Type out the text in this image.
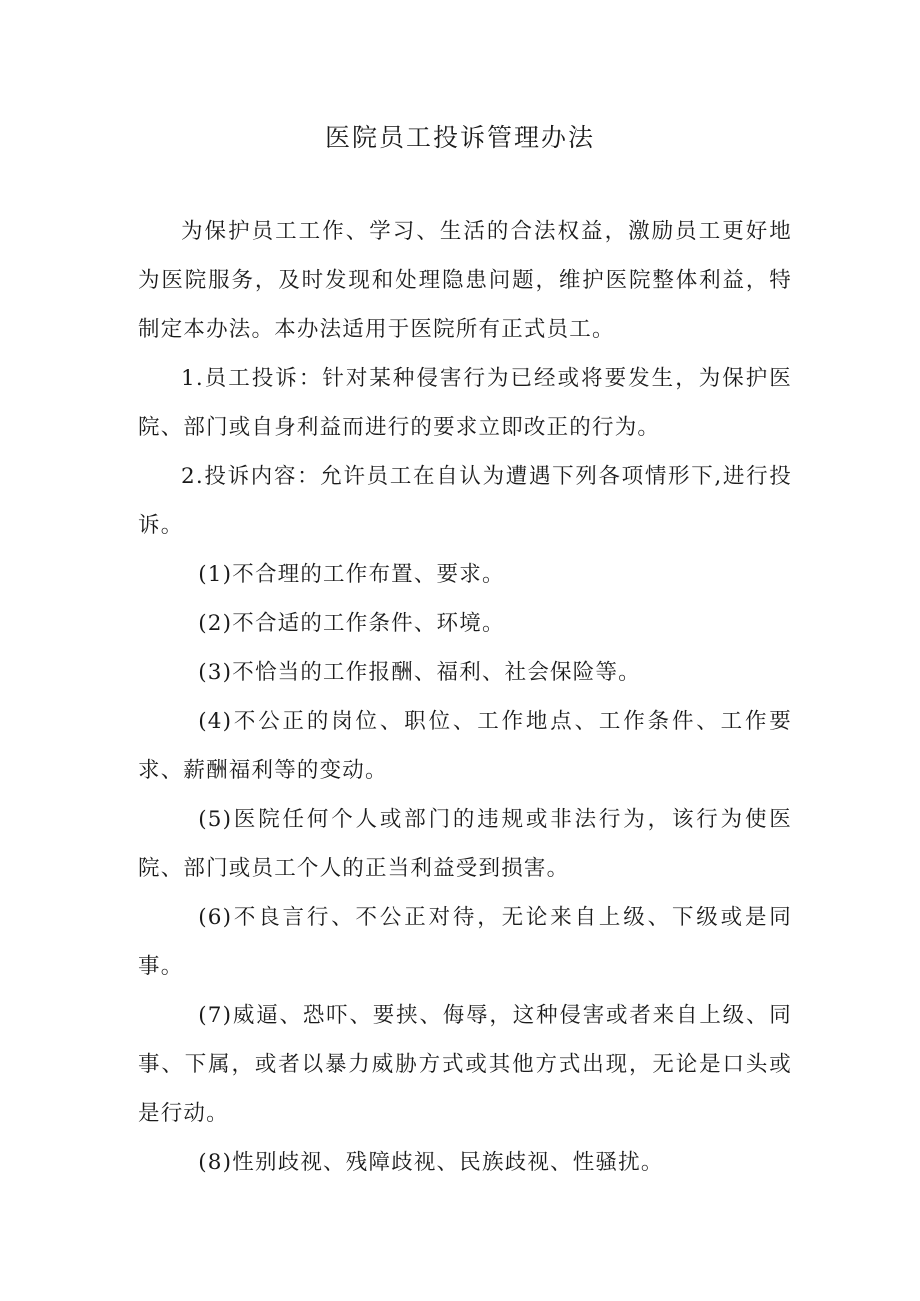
医院员工投诉管理办法

为保护员工工作、学习、生活的合法权益，激励员工更好地为医院服务，及时发现和处理隐患问题，维护医院整体利益，特制定本办法。本办法适用于医院所有正式员工。

1.员工投诉：针对某种侵害行为已经或将要发生，为保护医院、部门或自身利益而进行的要求立即改正的行为。

2.投诉内容：允许员工在自认为遭遇下列各项情形下,进行投诉。

(1)不合理的工作布置、要求。

(2)不合适的工作条件、环境。

(3)不恰当的工作报酬、福利、社会保险等。

(4)不公正的岗位、职位、工作地点、工作条件、工作要求、薪酬福利等的变动。

(5)医院任何个人或部门的违规或非法行为，该行为使医院、部门或员工个人的正当利益受到损害。

(6)不良言行、不公正对待，无论来自上级、下级或是同事。

(7)威逼、恐吓、要挟、侮辱，这种侵害或者来自上级、同事、下属，或者以暴力威胁方式或其他方式出现，无论是口头或是行动。

(8)性别歧视、残障歧视、民族歧视、性骚扰。
